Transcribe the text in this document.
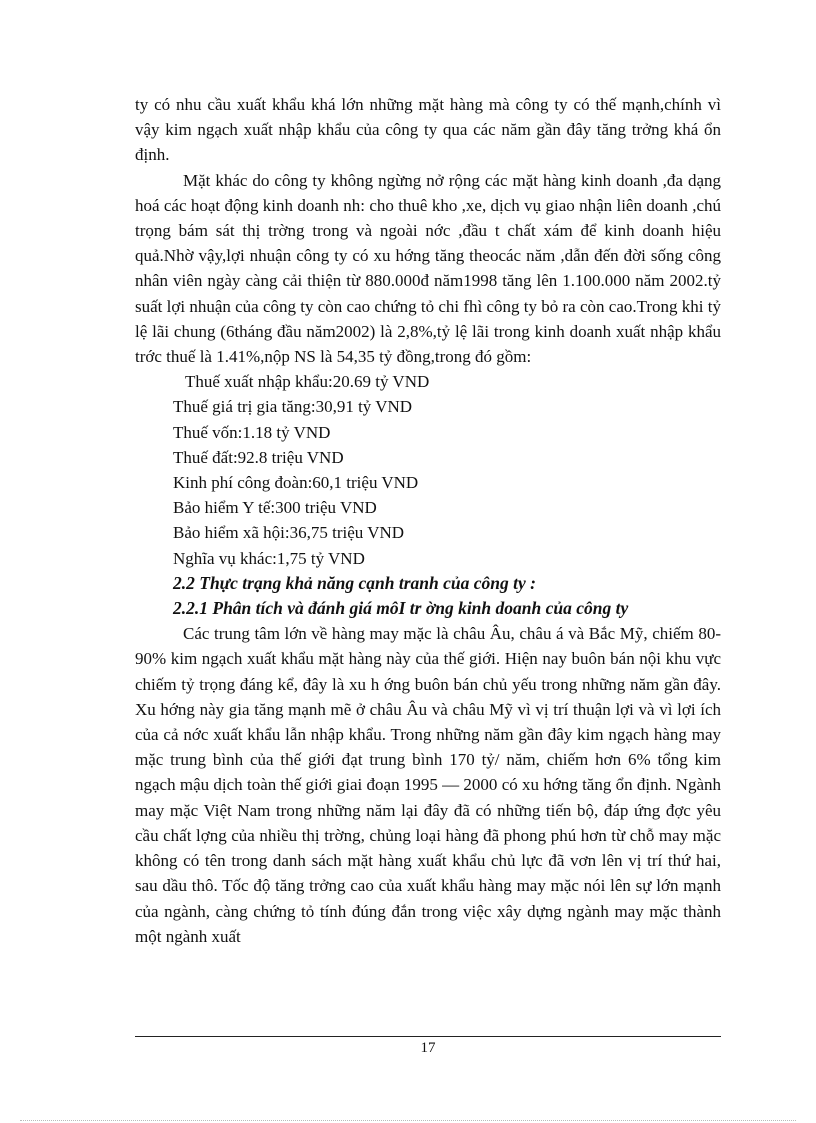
ty có nhu cầu xuất khẩu khá lớn những mặt hàng mà công ty có thế mạnh,chính vì vậy kim ngạch xuất nhập khẩu của công ty qua các năm gần đây tăng trởng khá ổn định.

Mặt khác do công ty không ngừng nở rộng các mặt hàng kinh doanh ,đa dạng hoá các hoạt động kinh doanh nh: cho thuê kho ,xe, dịch vụ giao nhận liên doanh ,chú trọng bám sát thị trờng trong và ngoài nớc ,đầu t chất xám để kinh doanh hiệu quả.Nhờ vậy,lợi nhuận công ty có xu hớng tăng theocác năm ,dẫn đến đời sống công nhân viên ngày càng cải thiện từ 880.000đ năm1998 tăng lên 1.100.000 năm 2002.tỷ suất lợi nhuận của công ty còn cao chứng tỏ chi fhì công ty bỏ ra còn cao.Trong khi tỷ lệ lãi chung (6tháng đầu năm2002) là 2,8%,tỷ lệ lãi trong kinh doanh xuất nhập khẩu trớc thuế là 1.41%,nộp NS là 54,35 tỷ đồng,trong đó gồm:

Thuế xuất nhập khẩu:20.69 tỷ VND

Thuế giá trị gia tăng:30,91 tỷ VND

Thuế vốn:1.18 tỷ VND

Thuế đất:92.8 triệu VND

Kinh phí công đoàn:60,1 triệu VND

Bảo hiểm Y tế:300 triệu VND

Bảo hiểm xã hội:36,75 triệu VND

Nghĩa vụ khác:1,75 tỷ VND

2.2 Thực trạng khả năng cạnh tranh của công ty :

2.2.1 Phân tích và đánh giá môI tr ờng kinh doanh của công ty

Các trung tâm lớn về hàng may mặc là châu Âu, châu á và Bắc Mỹ, chiếm 80-90% kim ngạch xuất khẩu mặt hàng này của thế giới. Hiện nay buôn bán nội khu vực chiếm tỷ trọng đáng kể, đây là xu h ớng buôn bán chủ yếu trong những năm gần đây. Xu hớng này gia tăng mạnh mẽ ở châu Âu và châu Mỹ vì vị trí thuận lợi và vì lợi ích của cả nớc xuất khẩu lẫn nhập khẩu. Trong những năm gần đây kim ngạch hàng may mặc trung bình của thế giới đạt trung bình 170 tỷ/ năm, chiếm hơn 6% tổng kim ngạch mậu dịch toàn thế giới giai đoạn 1995 — 2000 có xu hớng tăng ổn định. Ngành may mặc Việt Nam trong những năm lại đây đã có những tiến bộ, đáp ứng đợc yêu cầu chất lợng của nhiều thị trờng, chủng loại hàng đã phong phú hơn từ chỗ may mặc không có tên trong danh sách mặt hàng xuất khẩu chủ lực đã vơn lên vị trí thứ hai, sau dầu thô. Tốc độ tăng trởng cao của xuất khẩu hàng may mặc nói lên sự lớn mạnh của ngành, càng chứng tỏ tính đúng đắn trong việc xây dựng ngành may mặc thành một ngành xuất

17
